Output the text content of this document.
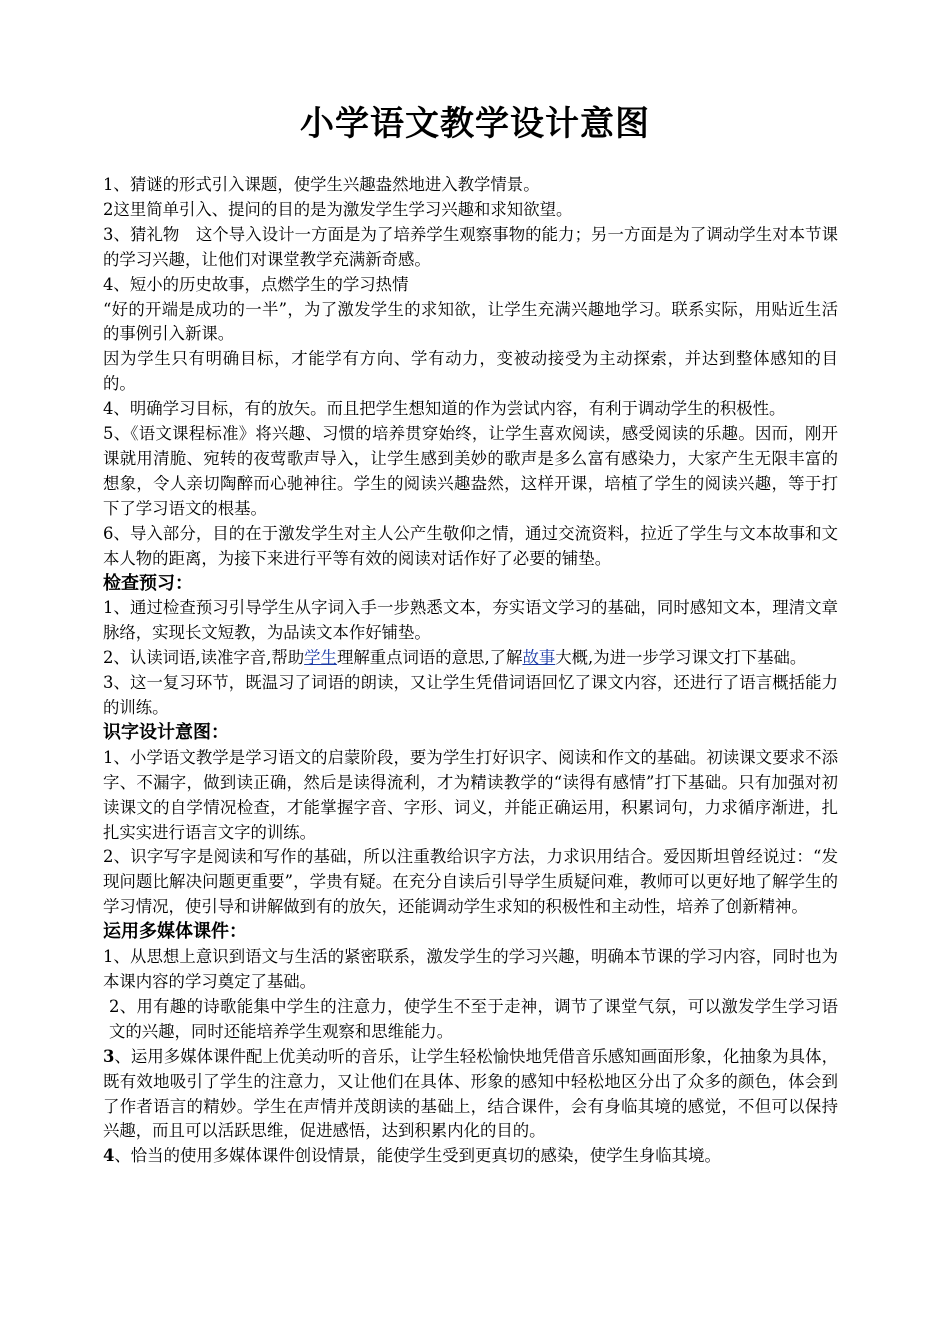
小学语文教学设计意图

1、猜谜的形式引入课题，使学生兴趣盎然地进入教学情景。

2这里简单引入、提问的目的是为激发学生学习兴趣和求知欲望。

3、猜礼物　这个导入设计一方面是为了培养学生观察事物的能力；另一方面是为了调动学生对本节课的学习兴趣，让他们对课堂教学充满新奇感。

4、短小的历史故事，点燃学生的学习热情

“好的开端是成功的一半”，为了激发学生的求知欲，让学生充满兴趣地学习。联系实际，用贴近生活的事例引入新课。

因为学生只有明确目标，才能学有方向、学有动力，变被动接受为主动探索，并达到整体感知的目的。

4、明确学习目标，有的放矢。而且把学生想知道的作为尝试内容，有利于调动学生的积极性。

5、《语文课程标准》将兴趣、习惯的培养贯穿始终，让学生喜欢阅读，感受阅读的乐趣。因而，刚开课就用清脆、宛转的夜莺歌声导入，让学生感到美妙的歌声是多么富有感染力，大家产生无限丰富的想象，令人亲切陶醉而心驰神往。学生的阅读兴趣盎然，这样开课，培植了学生的阅读兴趣，等于打下了学习语文的根基。

6、导入部分，目的在于激发学生对主人公产生敬仰之情，通过交流资料，拉近了学生与文本故事和文本人物的距离，为接下来进行平等有效的阅读对话作好了必要的铺垫。

检查预习：

1、通过检查预习引导学生从字词入手一步熟悉文本，夯实语文学习的基础，同时感知文本，理清文章脉络，实现长文短教，为品读文本作好铺垫。

2、认读词语,读准字音,帮助学生理解重点词语的意思,了解故事大概,为进一步学习课文打下基础。

3、这一复习环节，既温习了词语的朗读，又让学生凭借词语回忆了课文内容，还进行了语言概括能力的训练。

识字设计意图：

1、小学语文教学是学习语文的启蒙阶段，要为学生打好识字、阅读和作文的基础。初读课文要求不添字、不漏字，做到读正确，然后是读得流利，才为精读教学的“读得有感情”打下基础。只有加强对初读课文的自学情况检查，才能掌握字音、字形、词义，并能正确运用，积累词句，力求循序渐进，扎扎实实进行语言文字的训练。

2、识字写字是阅读和写作的基础，所以注重教给识字方法，力求识用结合。爱因斯坦曾经说过：“发现问题比解决问题更重要”，学贵有疑。在充分自读后引导学生质疑问难，教师可以更好地了解学生的学习情况，使引导和讲解做到有的放矢，还能调动学生求知的积极性和主动性，培养了创新精神。

运用多媒体课件：

1、从思想上意识到语文与生活的紧密联系，激发学生的学习兴趣，明确本节课的学习内容，同时也为本课内容的学习奠定了基础。

2、用有趣的诗歌能集中学生的注意力，使学生不至于走神，调节了课堂气氛，可以激发学生学习语文的兴趣，同时还能培养学生观察和思维能力。

3、运用多媒体课件配上优美动听的音乐，让学生轻松愉快地凭借音乐感知画面形象，化抽象为具体，既有效地吸引了学生的注意力，又让他们在具体、形象的感知中轻松地区分出了众多的颜色，体会到了作者语言的精妙。学生在声情并茂朗读的基础上，结合课件，会有身临其境的感觉，不但可以保持兴趣，而且可以活跃思维，促进感悟，达到积累内化的目的。

4、恰当的使用多媒体课件创设情景，能使学生受到更真切的感染，使学生身临其境。
